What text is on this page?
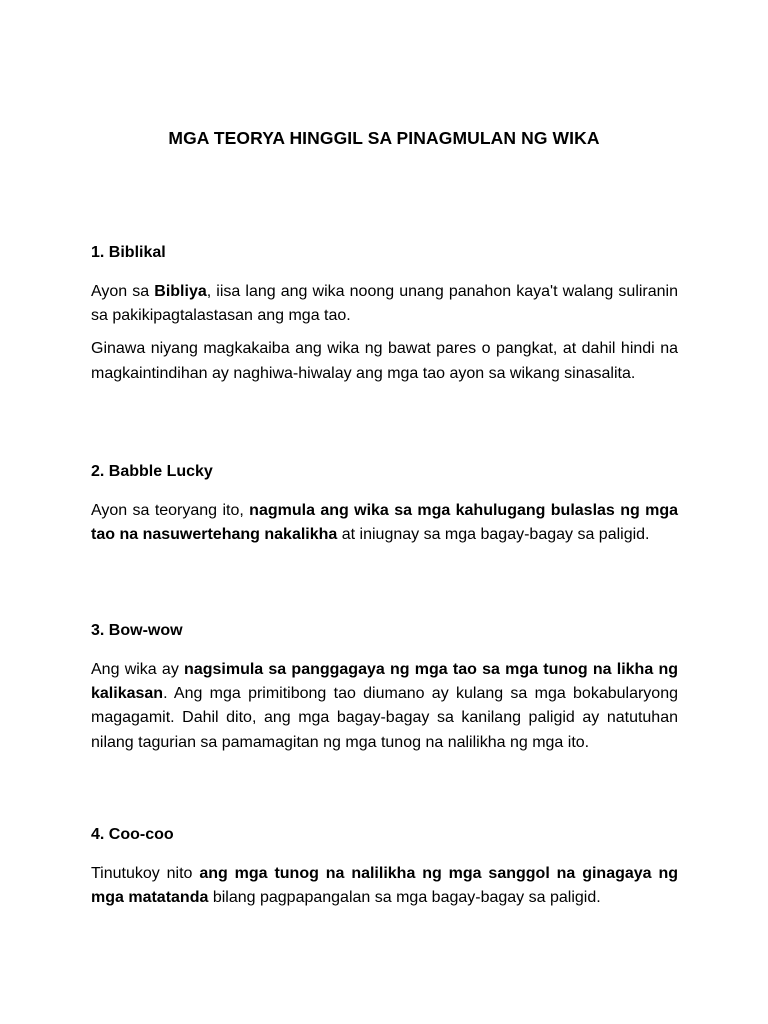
MGA TEORYA HINGGIL SA PINAGMULAN NG WIKA

1. Biblikal

Ayon sa Bibliya, iisa lang ang wika noong unang panahon kaya't walang suliranin sa pakikipagtalastasan ang mga tao.

Ginawa niyang magkakaiba ang wika ng bawat pares o pangkat, at dahil hindi na magkaintindihan ay naghiwa-hiwalay ang mga tao ayon sa wikang sinasalita.

2. Babble Lucky

Ayon sa teoryang ito, nagmula ang wika sa mga kahulugang bulaslas ng mga tao na nasuwertehang nakalikha at iniugnay sa mga bagay-bagay sa paligid.

3. Bow-wow

Ang wika ay nagsimula sa panggagaya ng mga tao sa mga tunog na likha ng kalikasan. Ang mga primitibong tao diumano ay kulang sa mga bokabularyong magagamit. Dahil dito, ang mga bagay-bagay sa kanilang paligid ay natutuhan nilang tagurian sa pamamagitan ng mga tunog na nalilikha ng mga ito.

4. Coo-coo

Tinutukoy nito ang mga tunog na nalilikha ng mga sanggol na ginagaya ng mga matatanda bilang pagpapangalan sa mga bagay-bagay sa paligid.
